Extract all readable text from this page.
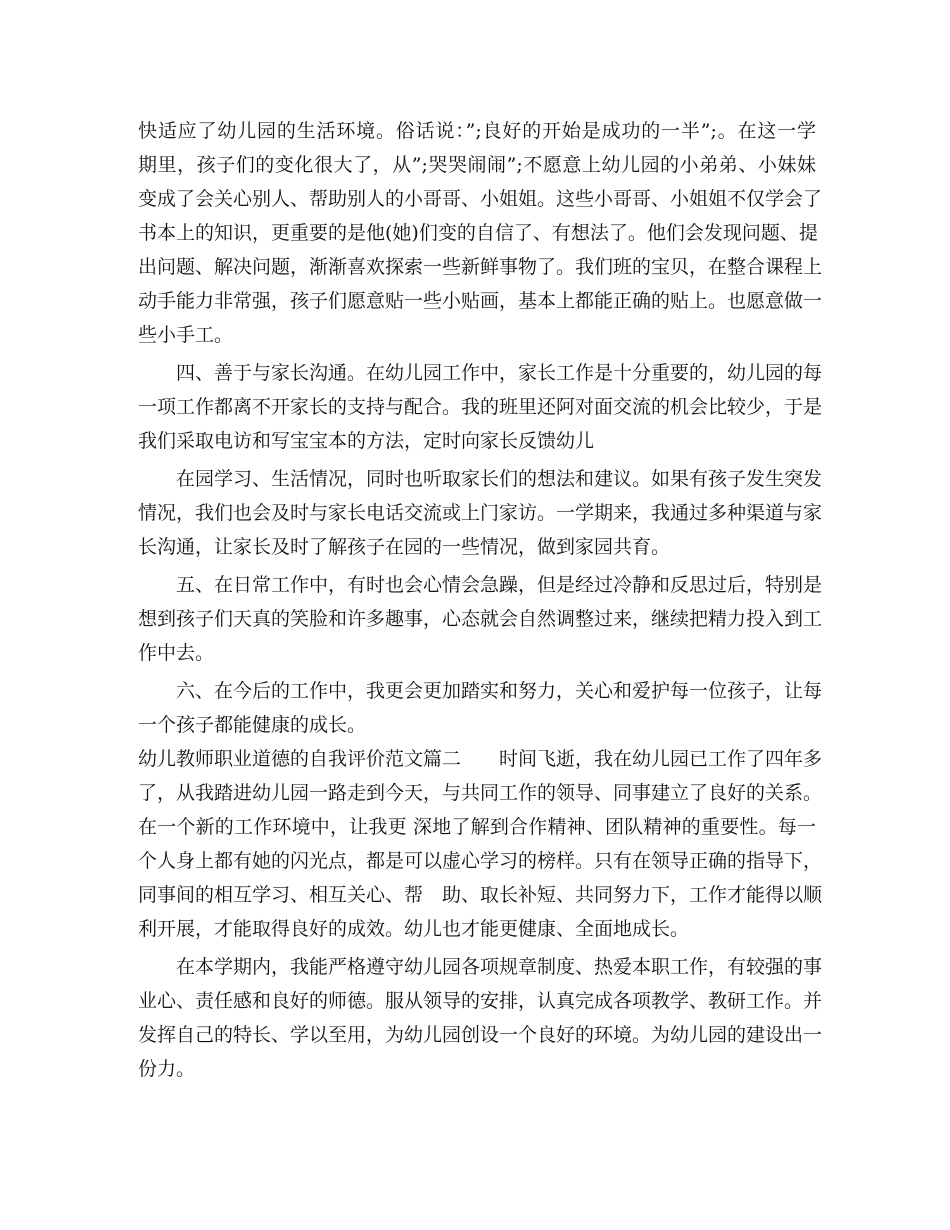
快适应了幼儿园的生活环境。俗话说：”;良好的开始是成功的一半”;。在这一学
期里，孩子们的变化很大了，从”;哭哭闹闹”;不愿意上幼儿园的小弟弟、小妹妹
变成了会关心别人、帮助别人的小哥哥、小姐姐。这些小哥哥、小姐姐不仅学会了
书本上的知识，更重要的是他(她)们变的自信了、有想法了。他们会发现问题、提
出问题、解决问题，渐渐喜欢探索一些新鲜事物了。我们班的宝贝，在整合课程上
动手能力非常强，孩子们愿意贴一些小贴画，基本上都能正确的贴上。也愿意做一
些小手工。
四、善于与家长沟通。在幼儿园工作中，家长工作是十分重要的，幼儿园的每
一项工作都离不开家长的支持与配合。我的班里还阿对面交流的机会比较少，于是
我们采取电访和写宝宝本的方法，定时向家长反馈幼儿
在园学习、生活情况，同时也听取家长们的想法和建议。如果有孩子发生突发
情况，我们也会及时与家长电话交流或上门家访。一学期来，我通过多种渠道与家
长沟通，让家长及时了解孩子在园的一些情况，做到家园共育。
五、在日常工作中，有时也会心情会急躁，但是经过冷静和反思过后，特别是
想到孩子们天真的笑脸和许多趣事，心态就会自然调整过来，继续把精力投入到工
作中去。
六、在今后的工作中，我更会更加踏实和努力，关心和爱护每一位孩子，让每
一个孩子都能健康的成长。
幼儿教师职业道德的自我评价范文篇二　　时间飞逝，我在幼儿园已工作了四年多
了，从我踏进幼儿园一路走到今天，与共同工作的领导、同事建立了良好的关系。
在一个新的工作环境中，让我更 深地了解到合作精神、团队精神的重要性。每一
个人身上都有她的闪光点，都是可以虚心学习的榜样。只有在领导正确的指导下，
同事间的相互学习、相互关心、帮　助、取长补短、共同努力下，工作才能得以顺
利开展，才能取得良好的成效。幼儿也才能更健康、全面地成长。
在本学期内，我能严格遵守幼儿园各项规章制度、热爱本职工作，有较强的事
业心、责任感和良好的师德。服从领导的安排，认真完成各项教学、教研工作。并
发挥自己的特长、学以至用，为幼儿园创设一个良好的环境。为幼儿园的建设出一
份力。
